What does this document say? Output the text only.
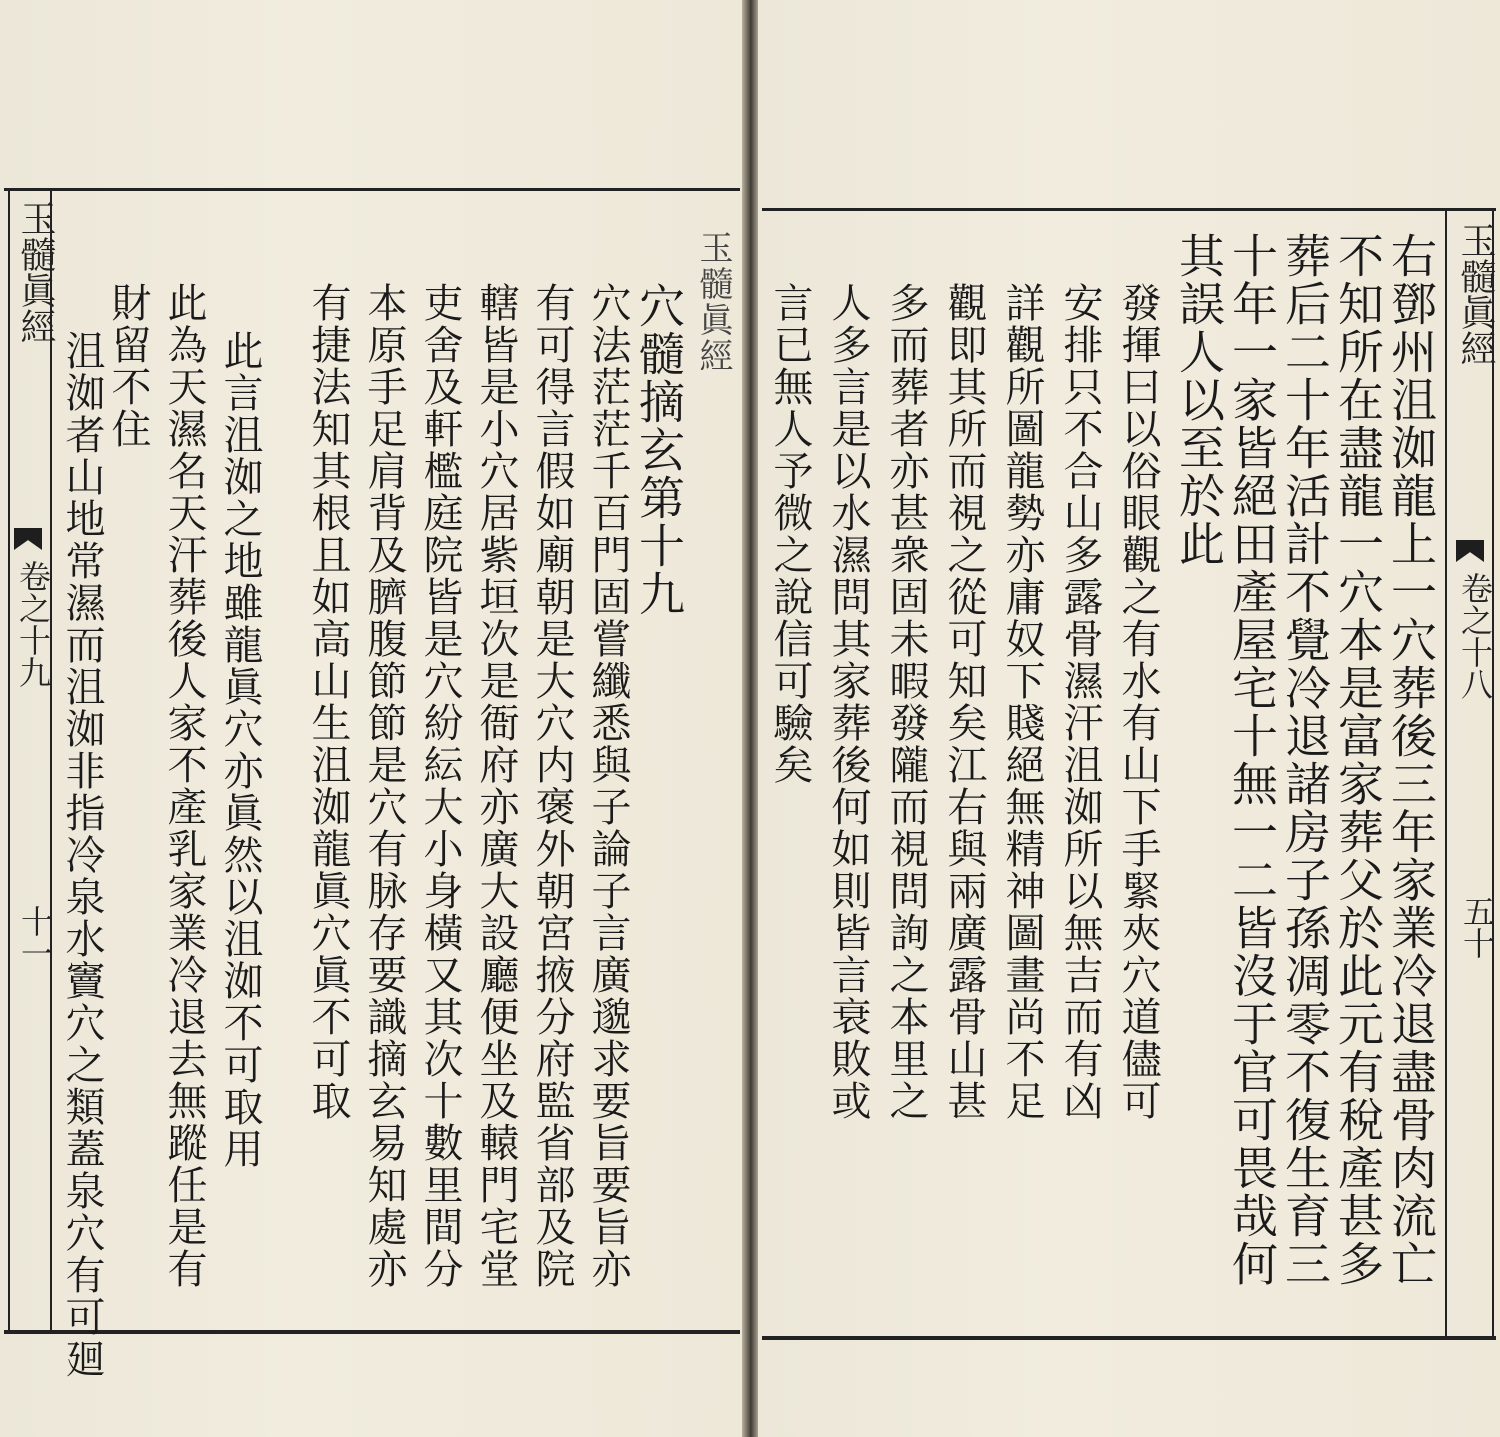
玉髓眞經
卷之十九
十一
玉髓眞經
卷之十八
五十
玉髓眞經
穴髓摘玄第十九
穴法茫茫千百門固嘗纖悉與子論子言廣邈求要旨要旨亦
有可得言假如廟朝是大穴内褒外朝宮掖分府監省部及院
轄皆是小穴居紫垣次是衙府亦廣大設廳便坐及轅門宅堂
吏舍及軒檻庭院皆是穴紛紜大小身橫又其次十數里間分
本原手足肩背及臍腹節節是穴有脉存要識摘玄易知處亦
有捷法知其根且如高山生沮洳龍眞穴眞不可取
此言沮洳之地雖龍眞穴亦眞然以沮洳不可取用
此為天濕名天汗葬後人家不產乳家業冷退去無蹤任是有
財留不住
沮洳者山地常濕而沮洳非指冷泉水竇穴之類蓋泉穴有可廻	右鄧州沮洳龍上一穴葬後三年家業冷退盡骨肉流亡
不知所在盡龍一穴本是富家葬父於此元有稅產甚多
葬后二十年活計不覺冷退諸房子孫凋零不復生育三
十年一家皆絕田產屋宅十無一二皆沒于官可畏哉何
其誤人以至於此
發揮曰以俗眼觀之有水有山下手緊夾穴道儘可
安排只不合山多露骨濕汗沮洳所以無吉而有凶
詳觀所圖龍勢亦庸奴下賤絕無精神圖畫尚不足
觀即其所而視之從可知矣江右與兩廣露骨山甚
多而葬者亦甚衆固未暇發隴而視問詢之本里之
人多言是以水濕問其家葬後何如則皆言衰敗或
言已無人予微之說信可驗矣
